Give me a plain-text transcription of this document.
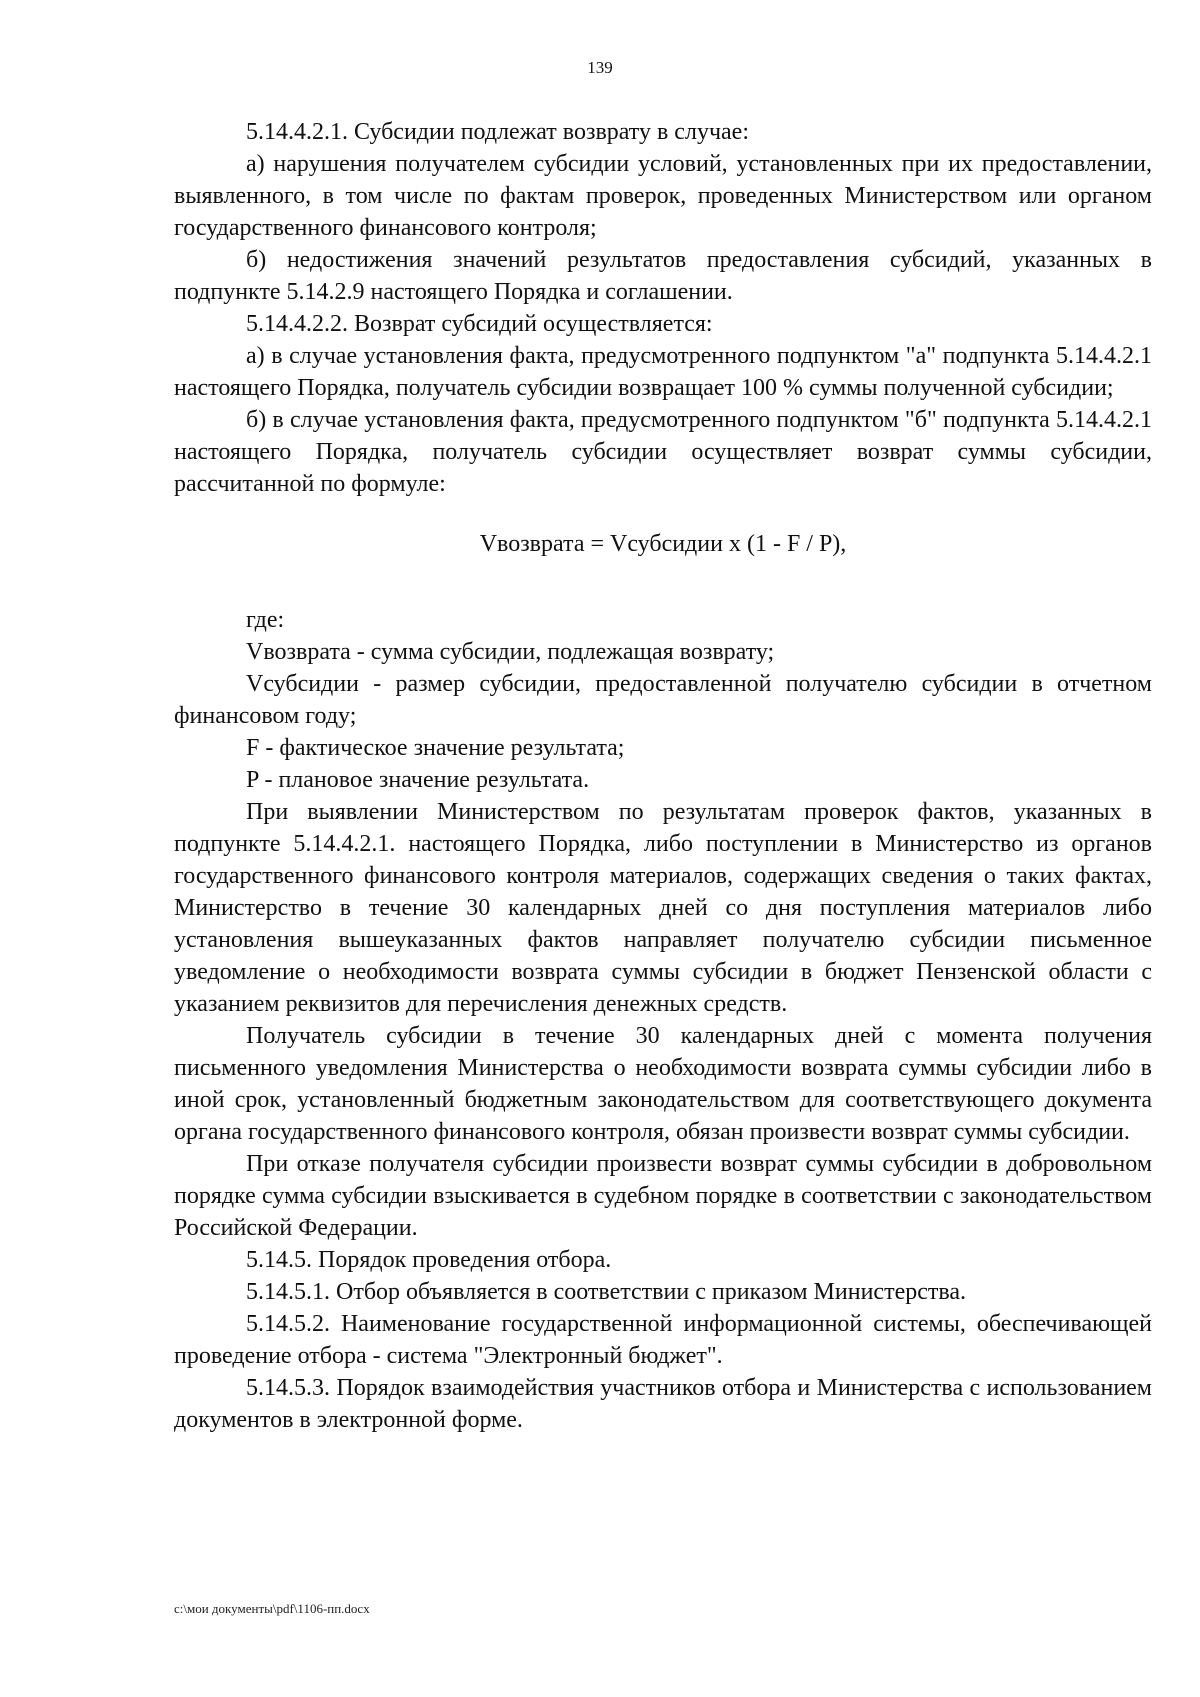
139

5.14.4.2.1. Субсидии подлежат возврату в случае:

а) нарушения получателем субсидии условий, установленных при их предоставлении, выявленного, в том числе по фактам проверок, проведенных Министерством или органом государственного финансового контроля;

б) недостижения значений результатов предоставления субсидий, указанных в подпункте 5.14.2.9 настоящего Порядка и соглашении.

5.14.4.2.2. Возврат субсидий осуществляется:

а) в случае установления факта, предусмотренного подпунктом "а" подпункта 5.14.4.2.1 настоящего Порядка, получатель субсидии возвращает 100 % суммы полученной субсидии;

б) в случае установления факта, предусмотренного подпунктом "б" подпункта 5.14.4.2.1 настоящего Порядка, получатель субсидии осуществляет возврат суммы субсидии, рассчитанной по формуле:

Vвозврата = Vсубсидии x (1 - F / P),

где:

Vвозврата - сумма субсидии, подлежащая возврату;

Vсубсидии - размер субсидии, предоставленной получателю субсидии в отчетном финансовом году;

F - фактическое значение результата;

P - плановое значение результата.

При выявлении Министерством по результатам проверок фактов, указанных в подпункте 5.14.4.2.1. настоящего Порядка, либо поступлении в Министерство из органов государственного финансового контроля материалов, содержащих сведения о таких фактах, Министерство в течение 30 календарных дней со дня поступления материалов либо установления вышеуказанных фактов направляет получателю субсидии письменное уведомление о необходимости возврата суммы субсидии в бюджет Пензенской области с указанием реквизитов для перечисления денежных средств.

Получатель субсидии в течение 30 календарных дней с момента получения письменного уведомления Министерства о необходимости возврата суммы субсидии либо в иной срок, установленный бюджетным законодательством для соответствующего документа органа государственного финансового контроля, обязан произвести возврат суммы субсидии.

При отказе получателя субсидии произвести возврат суммы субсидии в добровольном порядке сумма субсидии взыскивается в судебном порядке в соответствии с законодательством Российской Федерации.

5.14.5. Порядок проведения отбора.

5.14.5.1. Отбор объявляется в соответствии с приказом Министерства.

5.14.5.2. Наименование государственной информационной системы, обеспечивающей проведение отбора - система "Электронный бюджет".

5.14.5.3. Порядок взаимодействия участников отбора и Министерства с использованием документов в электронной форме.

c:\мои документы\pdf\1106-пп.docx
